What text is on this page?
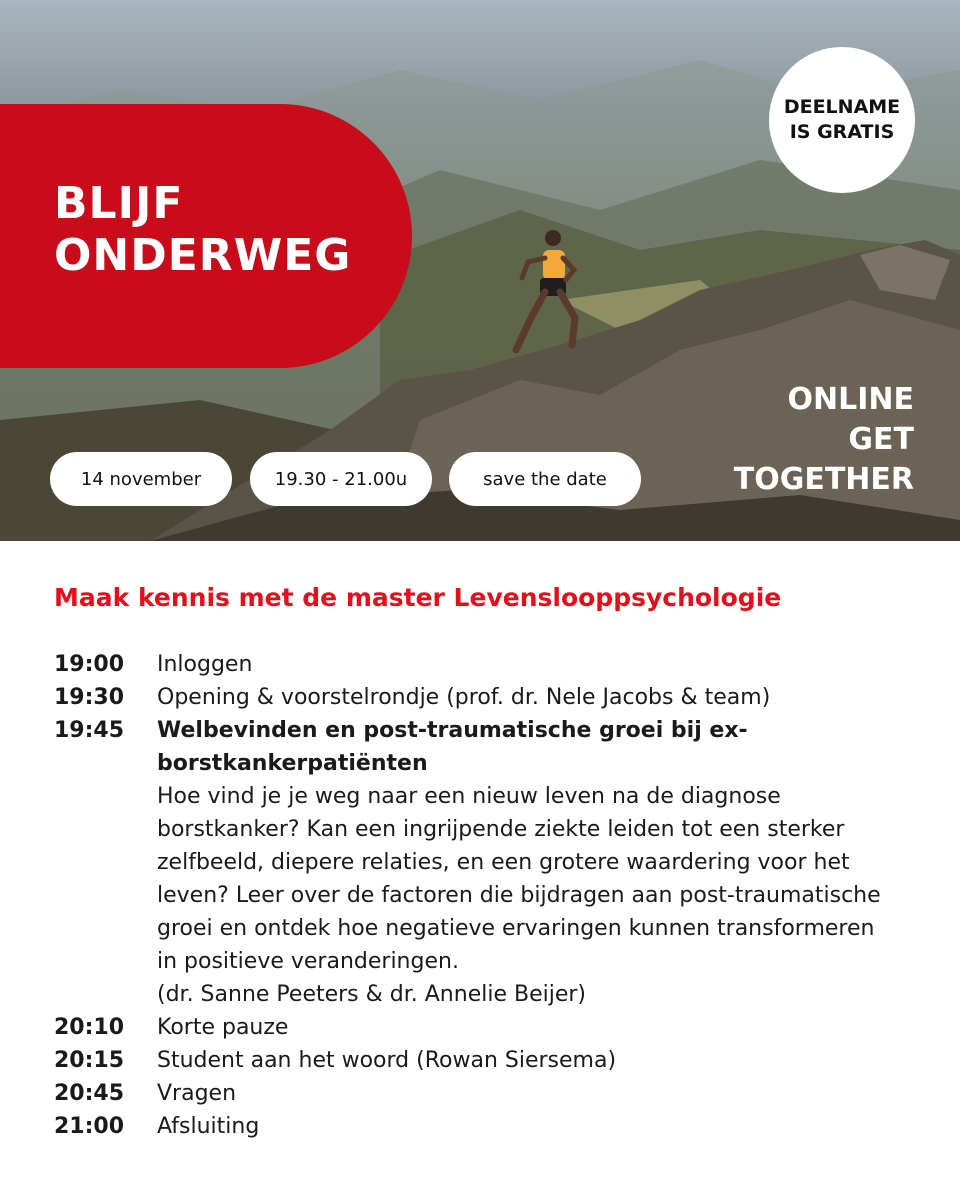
BLIJF
ONDERWEG
DEELNAME
IS GRATIS

ONLINE
GET
TOGETHER

14 november	19.30 - 21.00u	save the date
Maak kennis met de master Levenslooppsychologie
19:00	Inloggen
19:30	Opening & voorstelrondje (prof. dr. Nele Jacobs & team)
19:45	Welbevinden en post-traumatische groei bij ex-borstkankerpatiënten
Hoe vind je je weg naar een nieuw leven na de diagnose borstkanker? Kan een ingrijpende ziekte leiden tot een sterker zelfbeeld, diepere relaties, en een grotere waardering voor het leven? Leer over de factoren die bijdragen aan post-traumatische groei en ontdek hoe negatieve ervaringen kunnen transformeren in positieve veranderingen.
(dr. Sanne Peeters & dr. Annelie Beijer)
20:10	Korte pauze
20:15	Student aan het woord (Rowan Siersema)
20:45	Vragen
21:00	Afsluiting
